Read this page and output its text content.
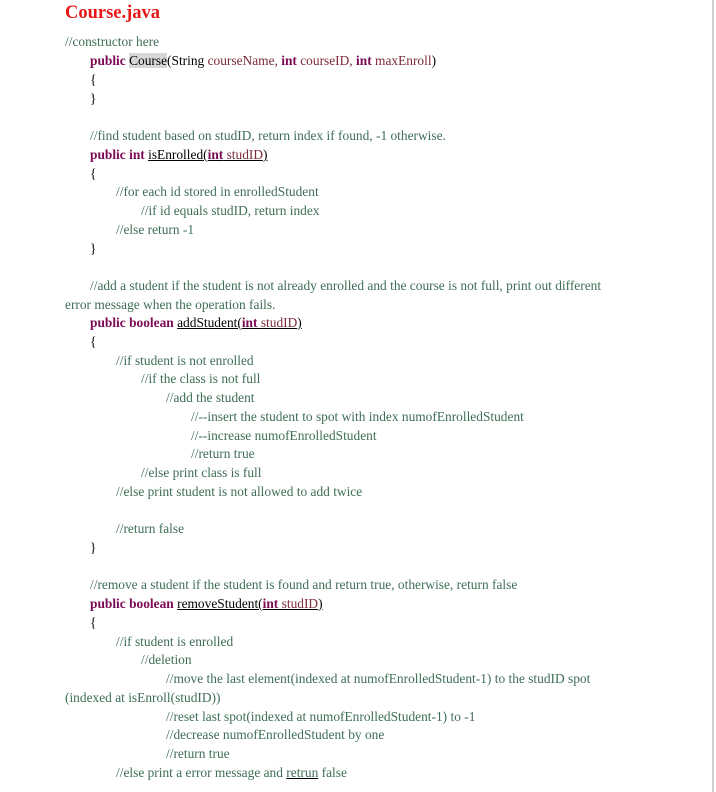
Course.java
//constructor here
public Course(String courseName, int courseID, int maxEnroll)
{
}
//find student based on studID, return index if found, -1 otherwise.
public int isEnrolled(int studID)
{
//for each id stored in enrolledStudent
//if id equals studID, return index
//else return -1
}
//add a student if the student is not already enrolled and the course is not full, print out different
error message when the operation fails.
public boolean addStudent(int studID)
{
//if student is not enrolled
//if the class is not full
//add the student
//--insert the student to spot with index numofEnrolledStudent
//--increase numofEnrolledStudent
//return true
//else print class is full
//else print student is not allowed to add twice
//return false
}
//remove a student if the student is found and return true, otherwise, return false
public boolean removeStudent(int studID)
{
//if student is enrolled
//deletion
//move the last element(indexed at numofEnrolledStudent-1) to the studID spot
(indexed at isEnroll(studID))
//reset last spot(indexed at numofEnrolledStudent-1) to -1
//decrease numofEnrolledStudent by one
//return true
//else print a error message and retrun false
